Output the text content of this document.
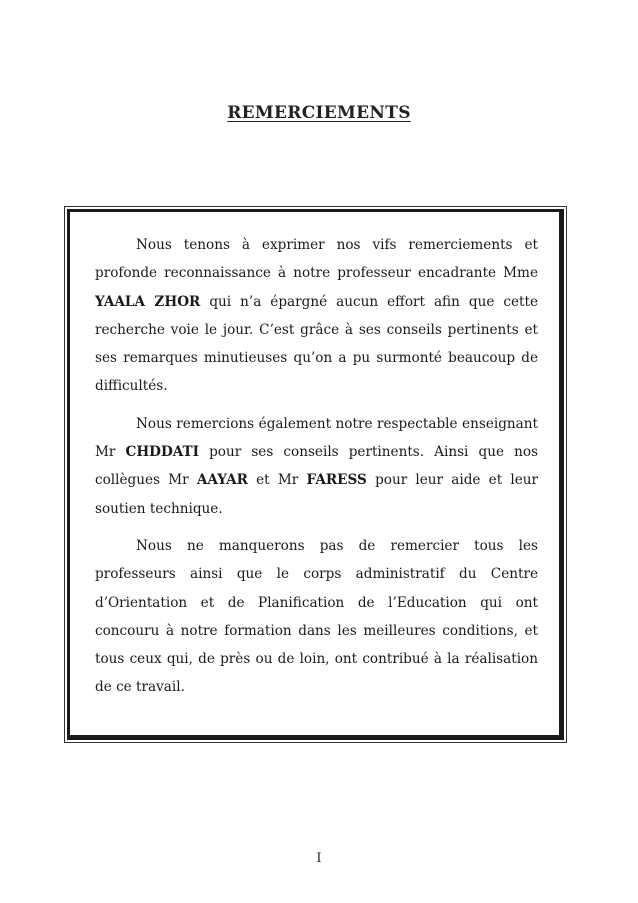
REMERCIEMENTS

Nous tenons à exprimer nos vifs remerciements et profonde reconnaissance à notre professeur encadrante Mme YAALA ZHOR qui n’a épargné aucun effort afin que cette recherche voie le jour. C’est grâce à ses conseils pertinents et ses remarques minutieuses qu’on a pu surmonté beaucoup de difficultés.

Nous remercions également notre respectable enseignant Mr CHDDATI pour ses conseils pertinents. Ainsi que nos collègues Mr AAYAR et Mr FARESS pour leur aide et leur soutien technique.

Nous ne manquerons pas de remercier tous les professeurs ainsi que le corps administratif du Centre d’Orientation et de Planification de l’Education qui ont concouru à notre formation dans les meilleures conditions, et tous ceux qui, de près ou de loin, ont contribué à la réalisation de ce travail.

I
